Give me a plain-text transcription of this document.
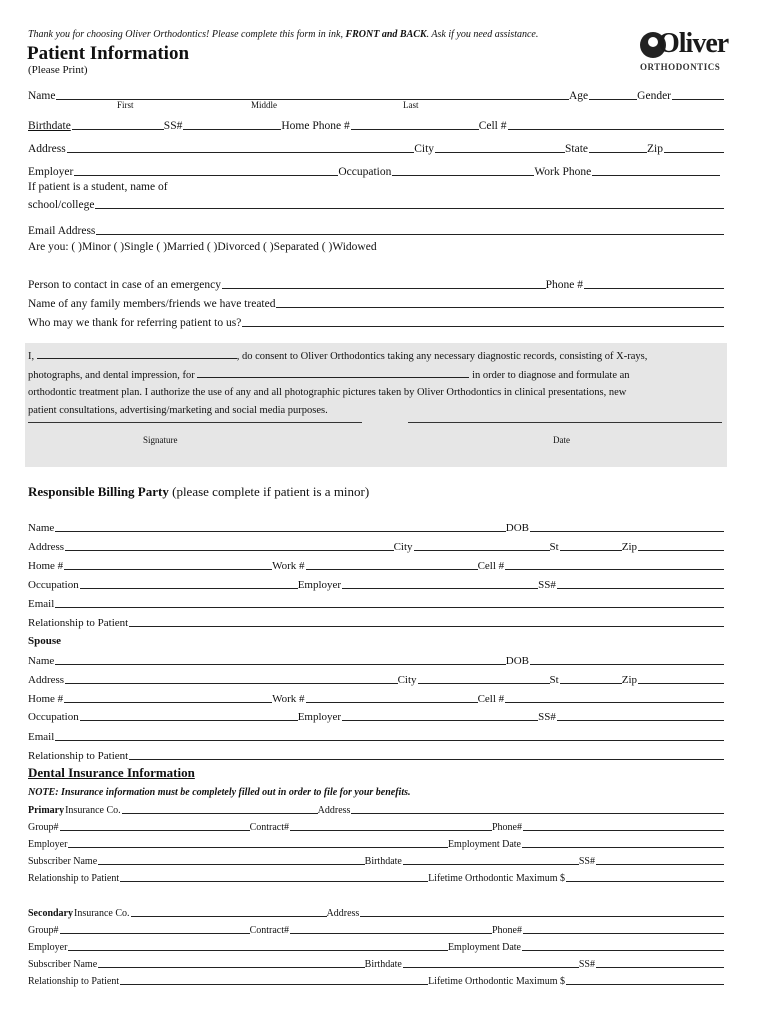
Thank you for choosing Oliver Orthodontics! Please complete this form in ink, FRONT and BACK. Ask if you need assistance.
Patient Information
(Please Print)
Oliver
ORTHODONTICS
Name	Age	Gender
First	Middle	Last
Birthdate	SS#	Home Phone #	Cell #
Address	City	State	Zip
Employer	Occupation	Work Phone
If patient is a student, name of
school/college
Email Address
Are you: ( )Minor ( )Single ( )Married ( )Divorced ( )Separated ( )Widowed
Person to contact in case of an emergency	Phone #
Name of any family members/friends we have treated
Who may we thank for referring patient to us?
I,	, do consent to Oliver Orthodontics taking any necessary diagnostic records, consisting of X-rays,
photographs, and dental impression, for	in order to diagnose and formulate an
orthodontic treatment plan. I authorize the use of any and all photographic pictures taken by Oliver Orthodontics in clinical presentations, new
patient consultations, advertising/marketing and social media purposes.
Signature	Date
Responsible Billing Party (please complete if patient is a minor)
Name	DOB
Address	City	St	Zip
Home #	Work #	Cell #
Occupation	Employer	SS#
Email
Relationship to Patient
Spouse
Name	DOB
Address	City	St	Zip
Home #	Work #	Cell #
Occupation	Employer	SS#
Email
Relationship to Patient
Dental Insurance Information
NOTE: Insurance information must be completely filled out in order to file for your benefits.
Primary Insurance Co.	Address
Group#	Contract#	Phone#
Employer	Employment Date
Subscriber Name	Birthdate	SS#
Relationship to Patient	Lifetime Orthodontic Maximum $
Secondary Insurance Co.	Address
Group#	Contract#	Phone#
Employer	Employment Date
Subscriber Name	Birthdate	SS#
Relationship to Patient	Lifetime Orthodontic Maximum $
